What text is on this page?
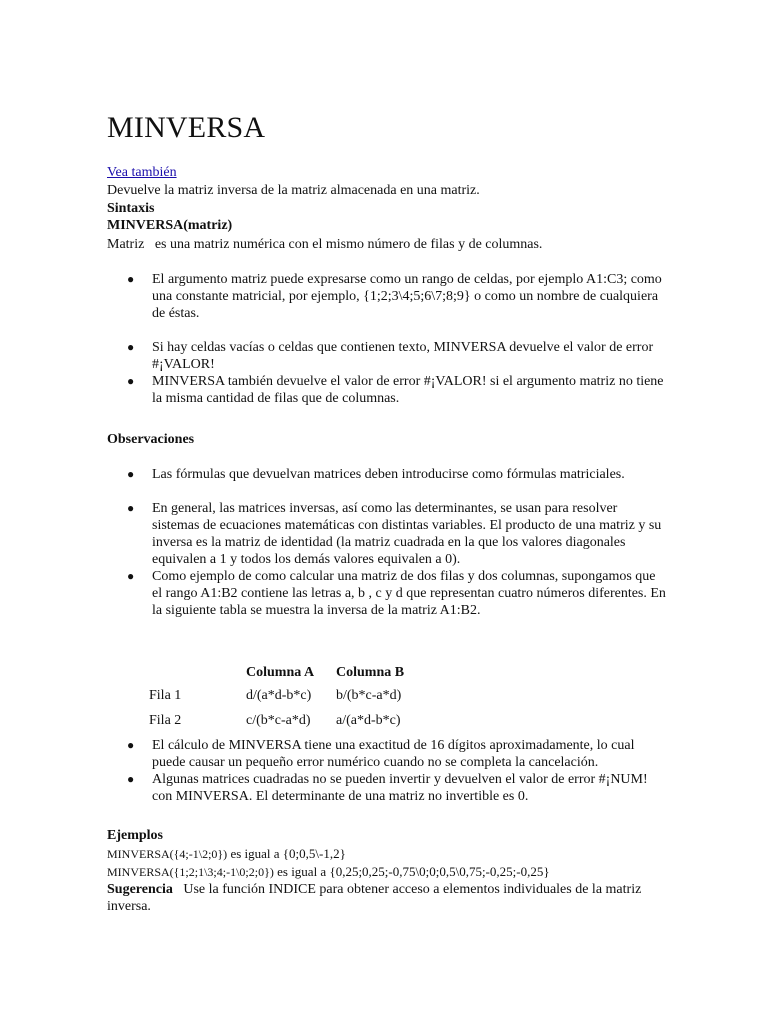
MINVERSA
Vea también
Devuelve la matriz inversa de la matriz almacenada en una matriz.
Sintaxis
MINVERSA(matriz)
Matriz es una matriz numérica con el mismo número de filas y de columnas.
● El argumento matriz puede expresarse como un rango de celdas, por ejemplo A1:C3; como una constante matricial, por ejemplo, {1;2;3\4;5;6\7;8;9} o como un nombre de cualquiera de éstas.
● Si hay celdas vacías o celdas que contienen texto, MINVERSA devuelve el valor de error #¡VALOR!
● MINVERSA también devuelve el valor de error #¡VALOR! si el argumento matriz no tiene la misma cantidad de filas que de columnas.
Observaciones
● Las fórmulas que devuelvan matrices deben introducirse como fórmulas matriciales.
● En general, las matrices inversas, así como las determinantes, se usan para resolver sistemas de ecuaciones matemáticas con distintas variables. El producto de una matriz y su inversa es la matriz de identidad (la matriz cuadrada en la que los valores diagonales equivalen a 1 y todos los demás valores equivalen a 0).
● Como ejemplo de como calcular una matriz de dos filas y dos columnas, supongamos que el rango A1:B2 contiene las letras a, b , c y d que representan cuatro números diferentes. En la siguiente tabla se muestra la inversa de la matriz A1:B2.
	Columna A	Columna B
Fila 1	d/(a*d-b*c)	b/(b*c-a*d)
Fila 2	c/(b*c-a*d)	a/(a*d-b*c)
● El cálculo de MINVERSA tiene una exactitud de 16 dígitos aproximadamente, lo cual puede causar un pequeño error numérico cuando no se completa la cancelación.
● Algunas matrices cuadradas no se pueden invertir y devuelven el valor de error #¡NUM! con MINVERSA. El determinante de una matriz no invertible es 0.
Ejemplos
MINVERSA({4;-1\2;0}) es igual a {0;0,5\-1,2}
MINVERSA({1;2;1\3;4;-1\0;2;0}) es igual a {0,25;0,25;-0,75\0;0;0,5\0,75;-0,25;-0,25}
Sugerencia Use la función INDICE para obtener acceso a elementos individuales de la matriz inversa.
